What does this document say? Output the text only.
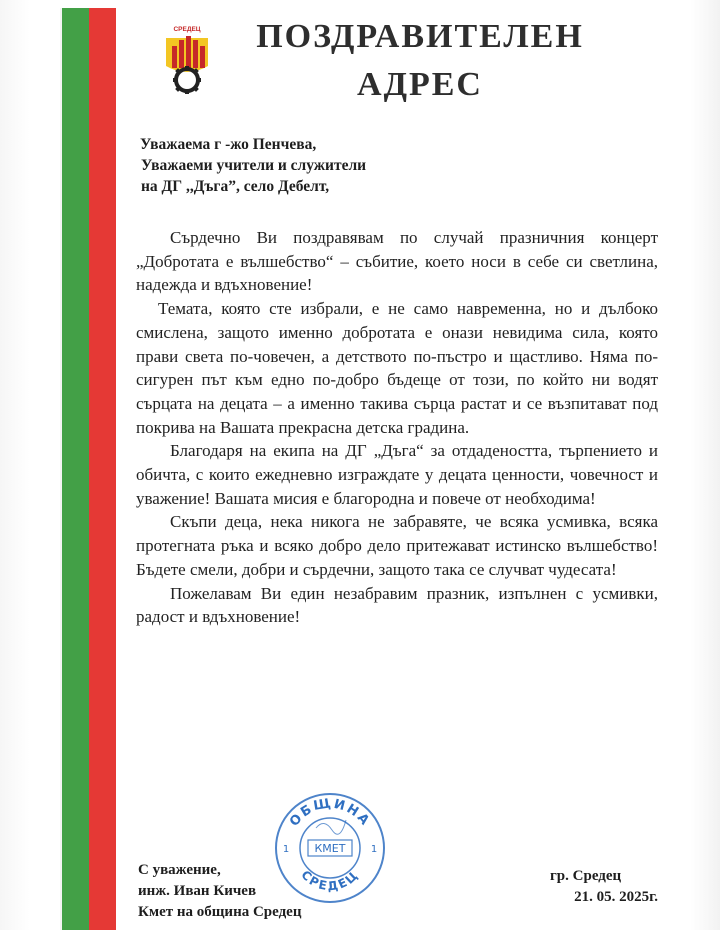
СРЕДЕЦ	ПОЗДРАВИТЕЛЕН
АДРЕС
Уважаема г -жо Пенчева,
Уважаеми учители и служители
на ДГ ,,Дъга”, село Дебелт,

Сърдечно Ви поздравявам по случай празничния концерт „Добротата е вълшебство“ – събитие, което носи в себе си светлина, надежда и вдъхновение!

Темата, която сте избрали, е не само навременна, но и дълбоко смислена, защото именно добротата е онази невидима сила, която прави света по-човечен, а детството по-пъстро и щастливо. Няма по-сигурен път към едно по-добро бъдеще от този, по който ни водят сърцата на децата – а именно такива сърца растат и се възпитават под покрива на Вашата прекрасна детска градина.

Благодаря на екипа на ДГ „Дъга“ за отдадеността, търпението и обичта, с които ежедневно изграждате у децата ценности, човечност и уважение! Вашата мисия е благородна и повече от необходима!

Скъпи деца, нека никога не забравяте, че всяка усмивка, всяка протегната ръка и всяко добро дело притежават истинско вълшебство! Бъдете смели, добри и сърдечни, защото така се случват чудесата!

Пожелавам Ви един незабравим празник, изпълнен с усмивки, радост и вдъхновение!

ОБЩИНА
СРЕДЕЦ
КМЕТ
1	1
С уважение,
инж. Иван Кичев
Кмет на община Средец
гр. Средец
21. 05. 2025г.
